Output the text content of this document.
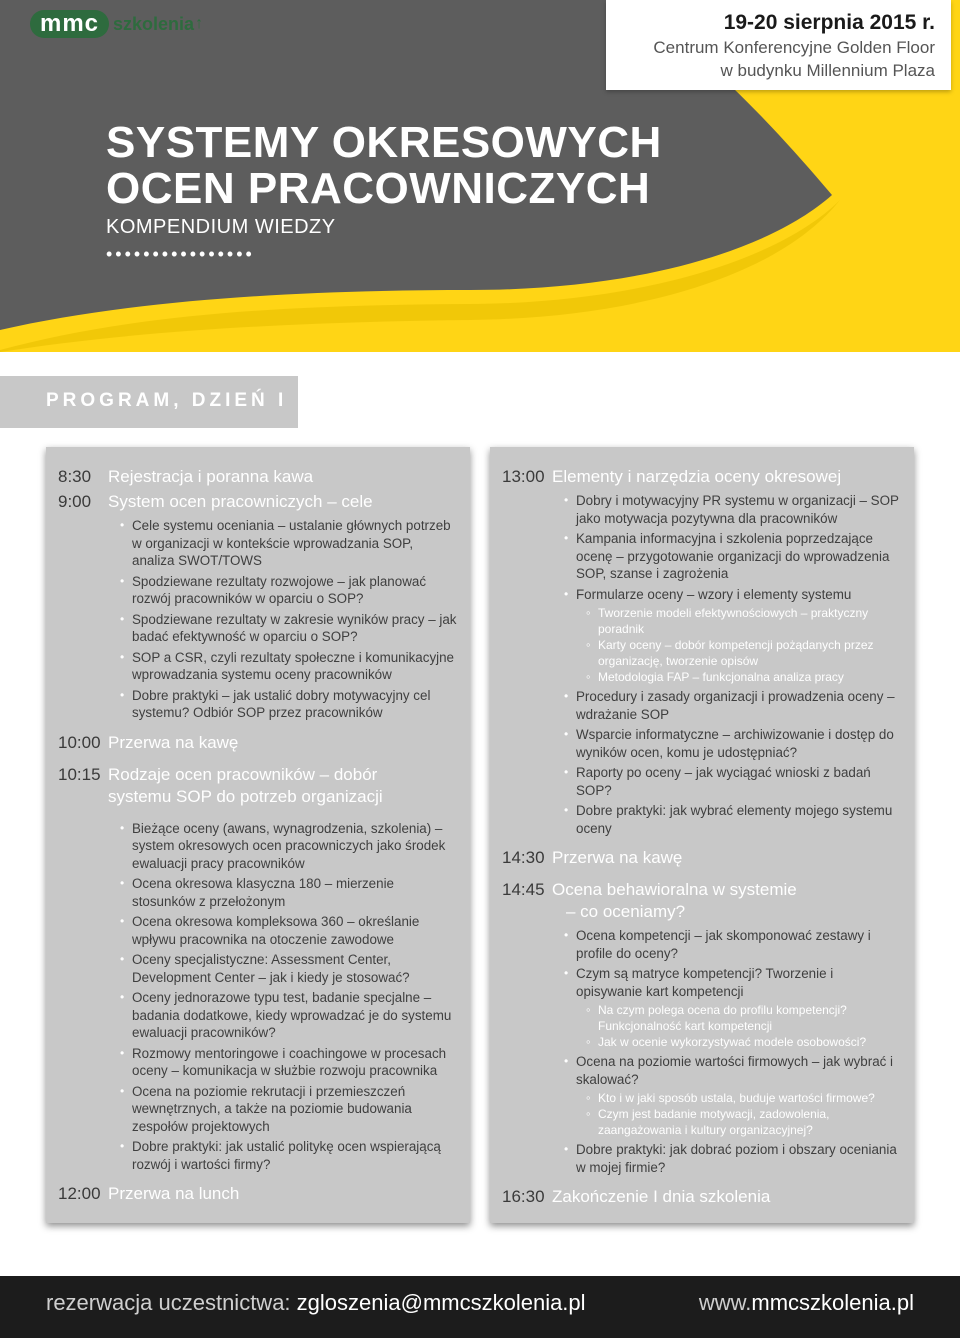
mmc szkolenia ↑	19-20 sierpnia 2015 r.
Centrum Konferencyjne Golden Floor
w budynku Millennium Plaza
SYSTEMY OKRESOWYCH
OCEN PRACOWNICZYCH
KOMPENDIUM WIEDZY
••••••••••••••••
PROGRAM, DZIEŃ I
8:30 Rejestracja i poranna kawa
9:00 System ocen pracowniczych – cele
• Cele systemu oceniania – ustalanie głównych potrzeb w organizacji w kontekście wprowadzania SOP, analiza SWOT/TOWS
• Spodziewane rezultaty rozwojowe – jak planować rozwój pracowników w oparciu o SOP?
• Spodziewane rezultaty w zakresie wyników pracy – jak badać efektywność w oparciu o SOP?
• SOP a CSR, czyli rezultaty społeczne i komunikacyjne wprowadzania systemu oceny pracowników
• Dobre praktyki – jak ustalić dobry motywacyjny cel systemu? Odbiór SOP przez pracowników
10:00 Przerwa na kawę
10:15 Rodzaje ocen pracowników – dobór
systemu SOP do potrzeb organizacji
• Bieżące oceny (awans, wynagrodzenia, szkolenia) – system okresowych ocen pracowniczych jako środek ewaluacji pracy pracowników
• Ocena okresowa klasyczna 180 – mierzenie stosunków z przełożonym
• Ocena okresowa kompleksowa 360 – określanie wpływu pracownika na otoczenie zawodowe
• Oceny specjalistyczne: Assessment Center, Development Center – jak i kiedy je stosować?
• Oceny jednorazowe typu test, badanie specjalne – badania dodatkowe, kiedy wprowadzać je do systemu ewaluacji pracowników?
• Rozmowy mentoringowe i coachingowe w procesach oceny – komunikacja w służbie rozwoju pracownika
• Ocena na poziomie rekrutacji i przemieszczeń wewnętrznych, a także na poziomie budowania zespołów projektowych
• Dobre praktyki: jak ustalić politykę ocen wspierającą rozwój i wartości firmy?
12:00 Przerwa na lunch
13:00 Elementy i narzędzia oceny okresowej
• Dobry i motywacyjny PR systemu w organizacji – SOP jako motywacja pozytywna dla pracowników
• Kampania informacyjna i szkolenia poprzedzające ocenę – przygotowanie organizacji do wprowadzenia SOP, szanse i zagrożenia
• Formularze oceny – wzory i elementy systemu
◦ Tworzenie modeli efektywnościowych – praktyczny poradnik
◦ Karty oceny – dobór kompetencji pożądanych przez organizację, tworzenie opisów
◦ Metodologia FAP – funkcjonalna analiza pracy
• Procedury i zasady organizacji i prowadzenia oceny – wdrażanie SOP
• Wsparcie informatyczne – archiwizowanie i dostęp do wyników ocen, komu je udostępniać?
• Raporty po oceny – jak wyciągać wnioski z badań SOP?
• Dobre praktyki: jak wybrać elementy mojego systemu oceny
14:30 Przerwa na kawę
14:45 Ocena behawioralna w systemie
– co oceniamy?
• Ocena kompetencji – jak skomponować zestawy i profile do oceny?
• Czym są matryce kompetencji? Tworzenie i opisywanie kart kompetencji
◦ Na czym polega ocena do profilu kompetencji? Funkcjonalność kart kompetencji
◦ Jak w ocenie wykorzystywać modele osobowości?
• Ocena na poziomie wartości firmowych – jak wybrać i skalować?
◦ Kto i w jaki sposób ustala, buduje wartości firmowe?
◦ Czym jest badanie motywacji, zadowolenia, zaangażowania i kultury organizacyjnej?
• Dobre praktyki: jak dobrać poziom i obszary oceniania w mojej firmie?
16:30 Zakończenie I dnia szkolenia
rezerwacja uczestnictwa: zgloszenia@mmcszkolenia.pl	www.mmcszkolenia.pl
